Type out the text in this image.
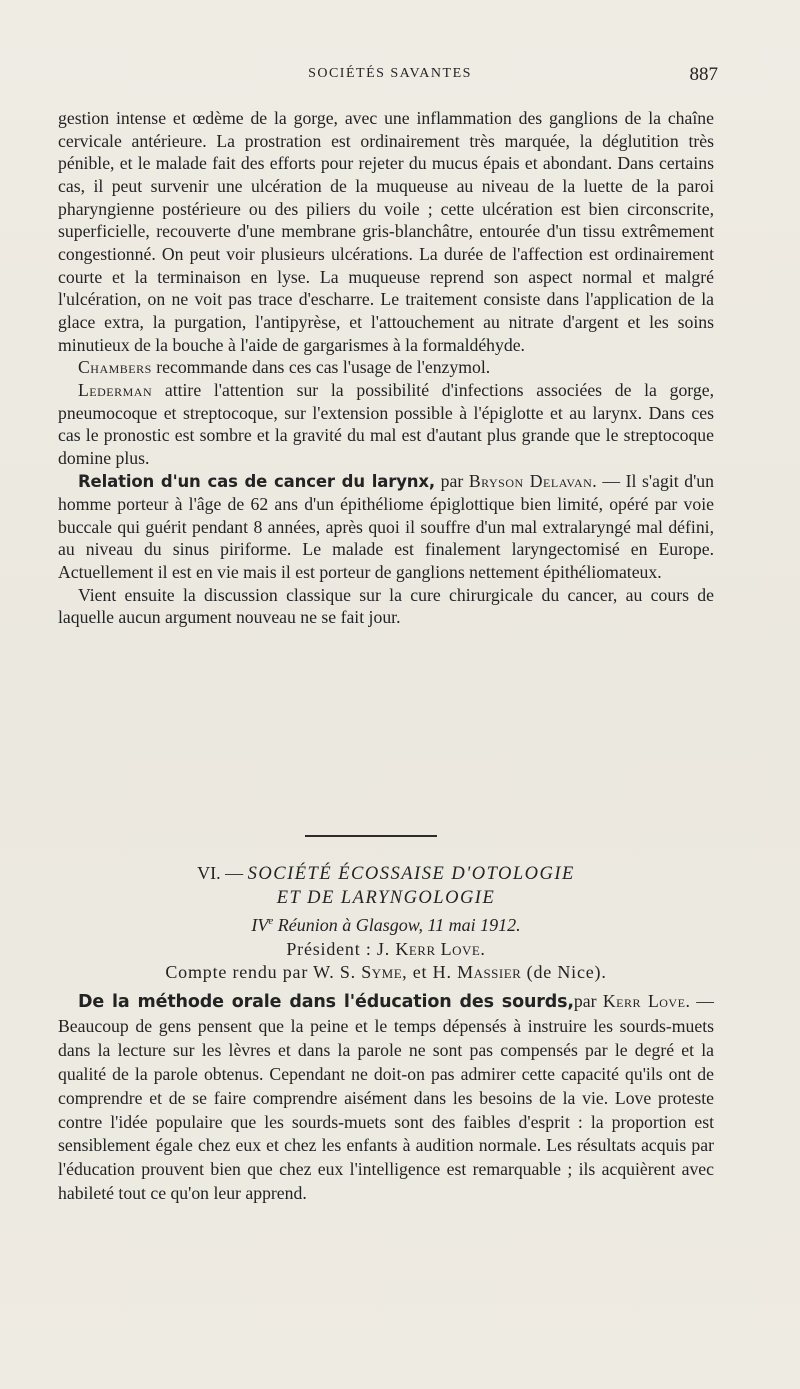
SOCIÉTÉS SAVANTES	887

gestion intense et œdème de la gorge, avec une inflammation des ganglions de la chaîne cervicale antérieure. La prostration est ordinairement très marquée, la déglutition très pénible, et le malade fait des efforts pour rejeter du mucus épais et abondant. Dans certains cas, il peut survenir une ulcération de la muqueuse au niveau de la luette de la paroi pharyngienne postérieure ou des piliers du voile ; cette ulcération est bien circonscrite, superficielle, recouverte d'une membrane gris-blanchâtre, entourée d'un tissu extrêmement congestionné. On peut voir plusieurs ulcérations. La durée de l'affection est ordinairement courte et la terminaison en lyse. La muqueuse reprend son aspect normal et malgré l'ulcération, on ne voit pas trace d'escharre. Le traitement consiste dans l'application de la glace extra, la purgation, l'antipyrèse, et l'attouchement au nitrate d'argent et les soins minutieux de la bouche à l'aide de gargarismes à la formaldéhyde.

Chambers recommande dans ces cas l'usage de l'enzymol.

Lederman attire l'attention sur la possibilité d'infections associées de la gorge, pneumocoque et streptocoque, sur l'extension possible à l'épiglotte et au larynx. Dans ces cas le pronostic est sombre et la gravité du mal est d'autant plus grande que le streptocoque domine plus.

Relation d'un cas de cancer du larynx, par Bryson Delavan. — Il s'agit d'un homme porteur à l'âge de 62 ans d'un épithéliome épiglottique bien limité, opéré par voie buccale qui guérit pendant 8 années, après quoi il souffre d'un mal extralaryngé mal défini, au niveau du sinus piriforme. Le malade est finalement laryngectomisé en Europe. Actuellement il est en vie mais il est porteur de ganglions nettement épithéliomateux.

Vient ensuite la discussion classique sur la cure chirurgicale du cancer, au cours de laquelle aucun argument nouveau ne se fait jour.

VI. — SOCIÉTÉ ÉCOSSAISE D'OTOLOGIE
ET DE LARYNGOLOGIE
IVe Réunion à Glasgow, 11 mai 1912.
Président : J. Kerr Love.
Compte rendu par W. S. Syme, et H. Massier (de Nice).

De la méthode orale dans l'éducation des sourds,par Kerr Love. — Beaucoup de gens pensent que la peine et le temps dépensés à instruire les sourds-muets dans la lecture sur les lèvres et dans la parole ne sont pas compensés par le degré et la qualité de la parole obtenus. Cependant ne doit-on pas admirer cette capacité qu'ils ont de comprendre et de se faire comprendre aisément dans les besoins de la vie. Love proteste contre l'idée populaire que les sourds-muets sont des faibles d'esprit : la proportion est sensiblement égale chez eux et chez les enfants à audition normale. Les résultats acquis par l'éducation prouvent bien que chez eux l'intelligence est remarquable ; ils acquièrent avec habileté tout ce qu'on leur apprend.
